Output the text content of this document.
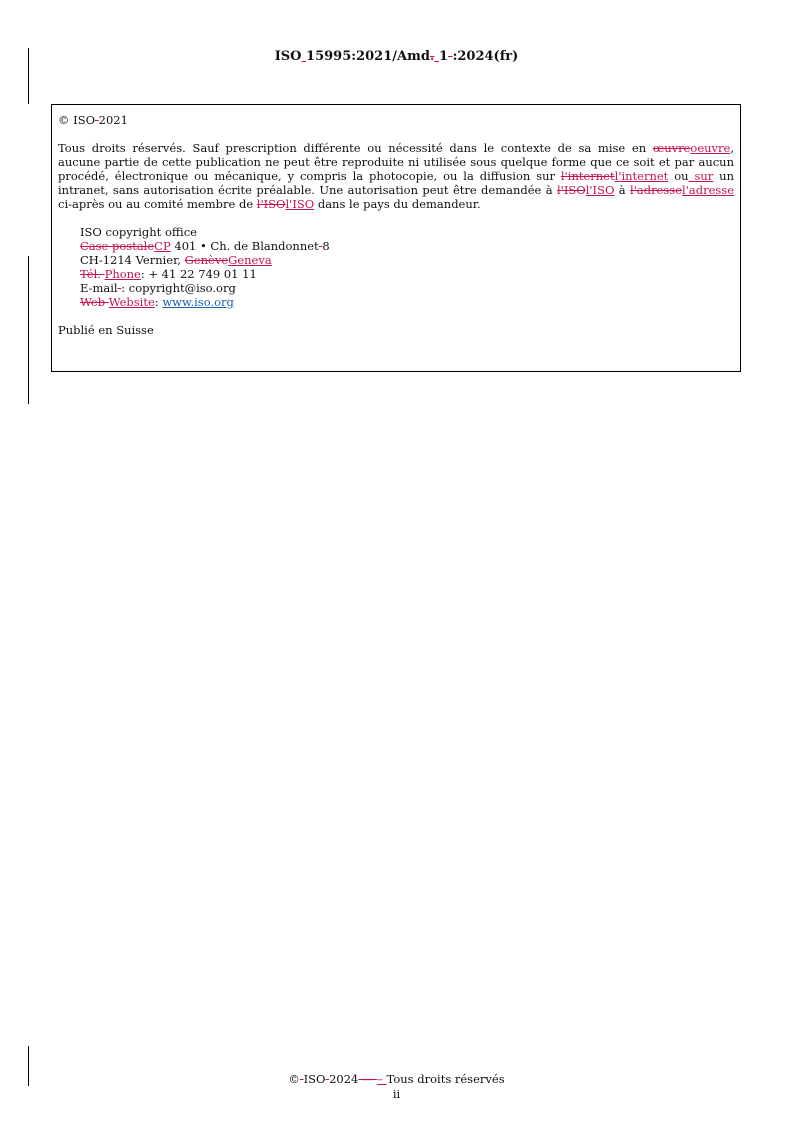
ISO 15995:2021/Amd. 1 :2024(fr)

© ISO 2021

Tous droits réservés. Sauf prescription différente ou nécessité dans le contexte de sa mise en œuvreoeuvre, aucune partie de cette publication ne peut être reproduite ni utilisée sous quelque forme que ce soit et par aucun procédé, électronique ou mécanique, y compris la photocopie, ou la diffusion sur l'internetl'internet ou sur un intranet, sans autorisation écrite préalable. Une autorisation peut être demandée à l'ISOl'ISO à l'adressel'adresse ci-après ou au comité membre de l'ISOl'ISO dans le pays du demandeur.

ISO copyright office
Case postaleCP 401 • Ch. de Blandonnet 8
CH-1214 Vernier, GenèveGeneva
Tél. Phone: + 41 22 749 01 11
E-mail : copyright@iso.org
Web Website: www.iso.org

Publié en Suisse

© ISO 2024 — – Tous droits réservés
ii
